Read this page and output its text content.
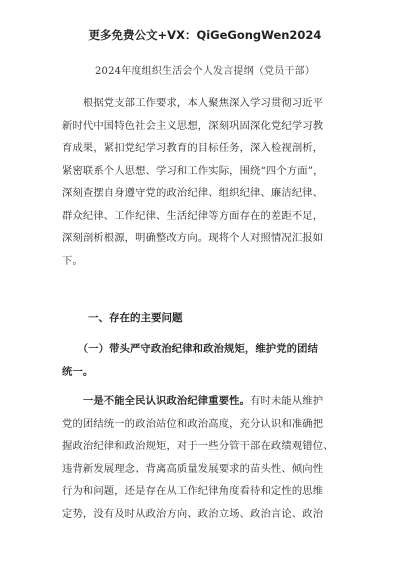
更多免费公文+VX：QiGeGongWen2024
2024年度组织生活会个人发言提纲（党员干部）
　　根据党支部工作要求，本人聚焦深入学习贯彻习近平
新时代中国特色社会主义思想，深刻巩固深化党纪学习教
育成果，紧扣党纪学习教育的目标任务，深入检视剖析，
紧密联系个人思想、学习和工作实际，围绕“四个方面”，
深刻查摆自身遵守党的政治纪律、组织纪律、廉洁纪律、
群众纪律、工作纪律、生活纪律等方面存在的差距不足，
深刻剖析根源，明确整改方向。现将个人对照情况汇报如
下。
一、存在的主要问题
　　（一）带头严守政治纪律和政治规矩，维护党的团结
统一。
　　一是不能全民认识政治纪律重要性。有时未能从维护
党的团结统一的政治站位和政治高度，充分认识和准确把
握政治纪律和政治规矩，对于一些分管干部在政绩观错位、
违背新发展理念、背离高质量发展要求的苗头性、倾向性
行为和问题，还是存在从工作纪律角度看待和定性的思维
定势，没有及时从政治方向、政治立场、政治言论、政治
